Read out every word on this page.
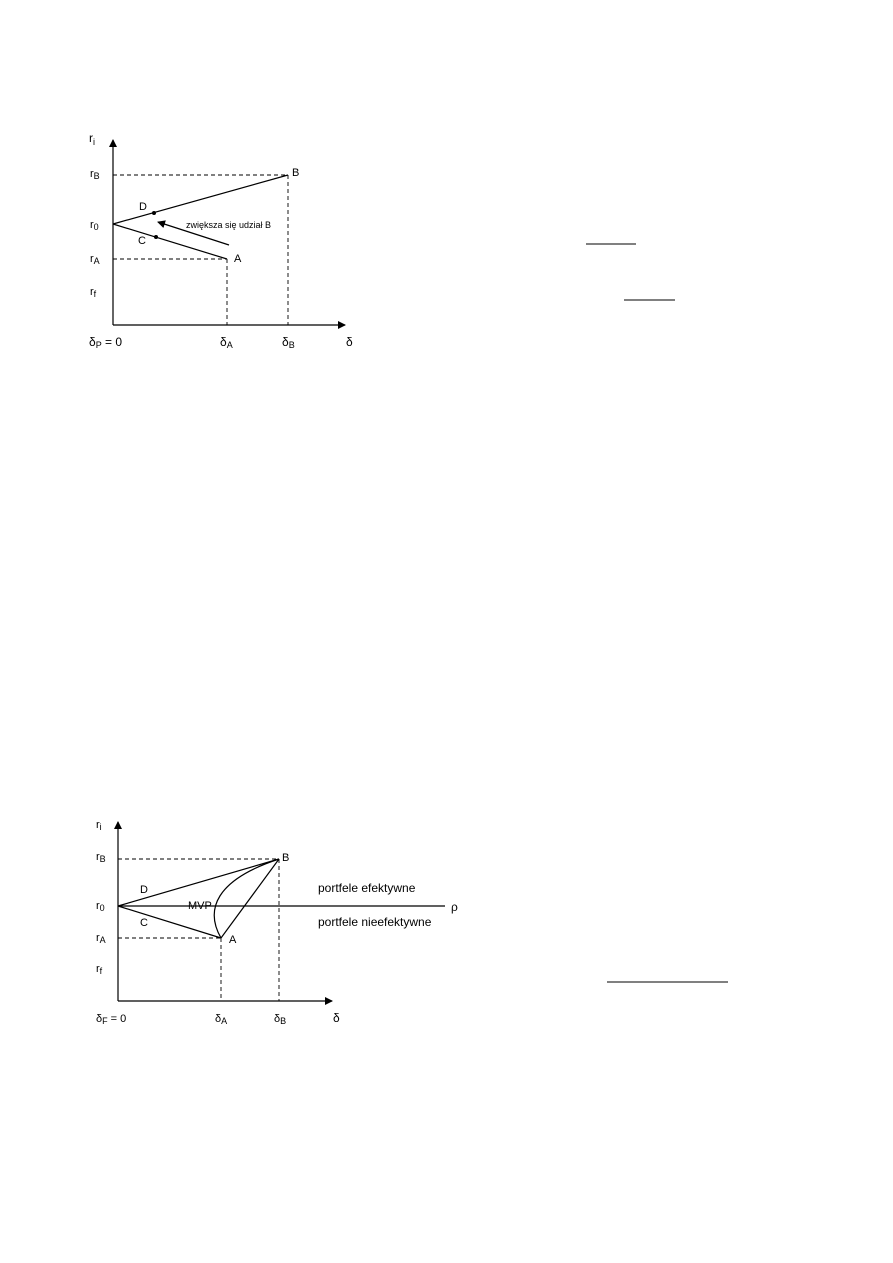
$r_i$
rB
r0
rA
rf
δP = 0	δA	δB	δ
B
A
D
C
zwiększa się udział B
ri
rB
r0
rA
rf
δF = 0	δA	δB	δ
B
A
D
C
MVP	ρ
portfele efektywne
portfele nieefektywne
